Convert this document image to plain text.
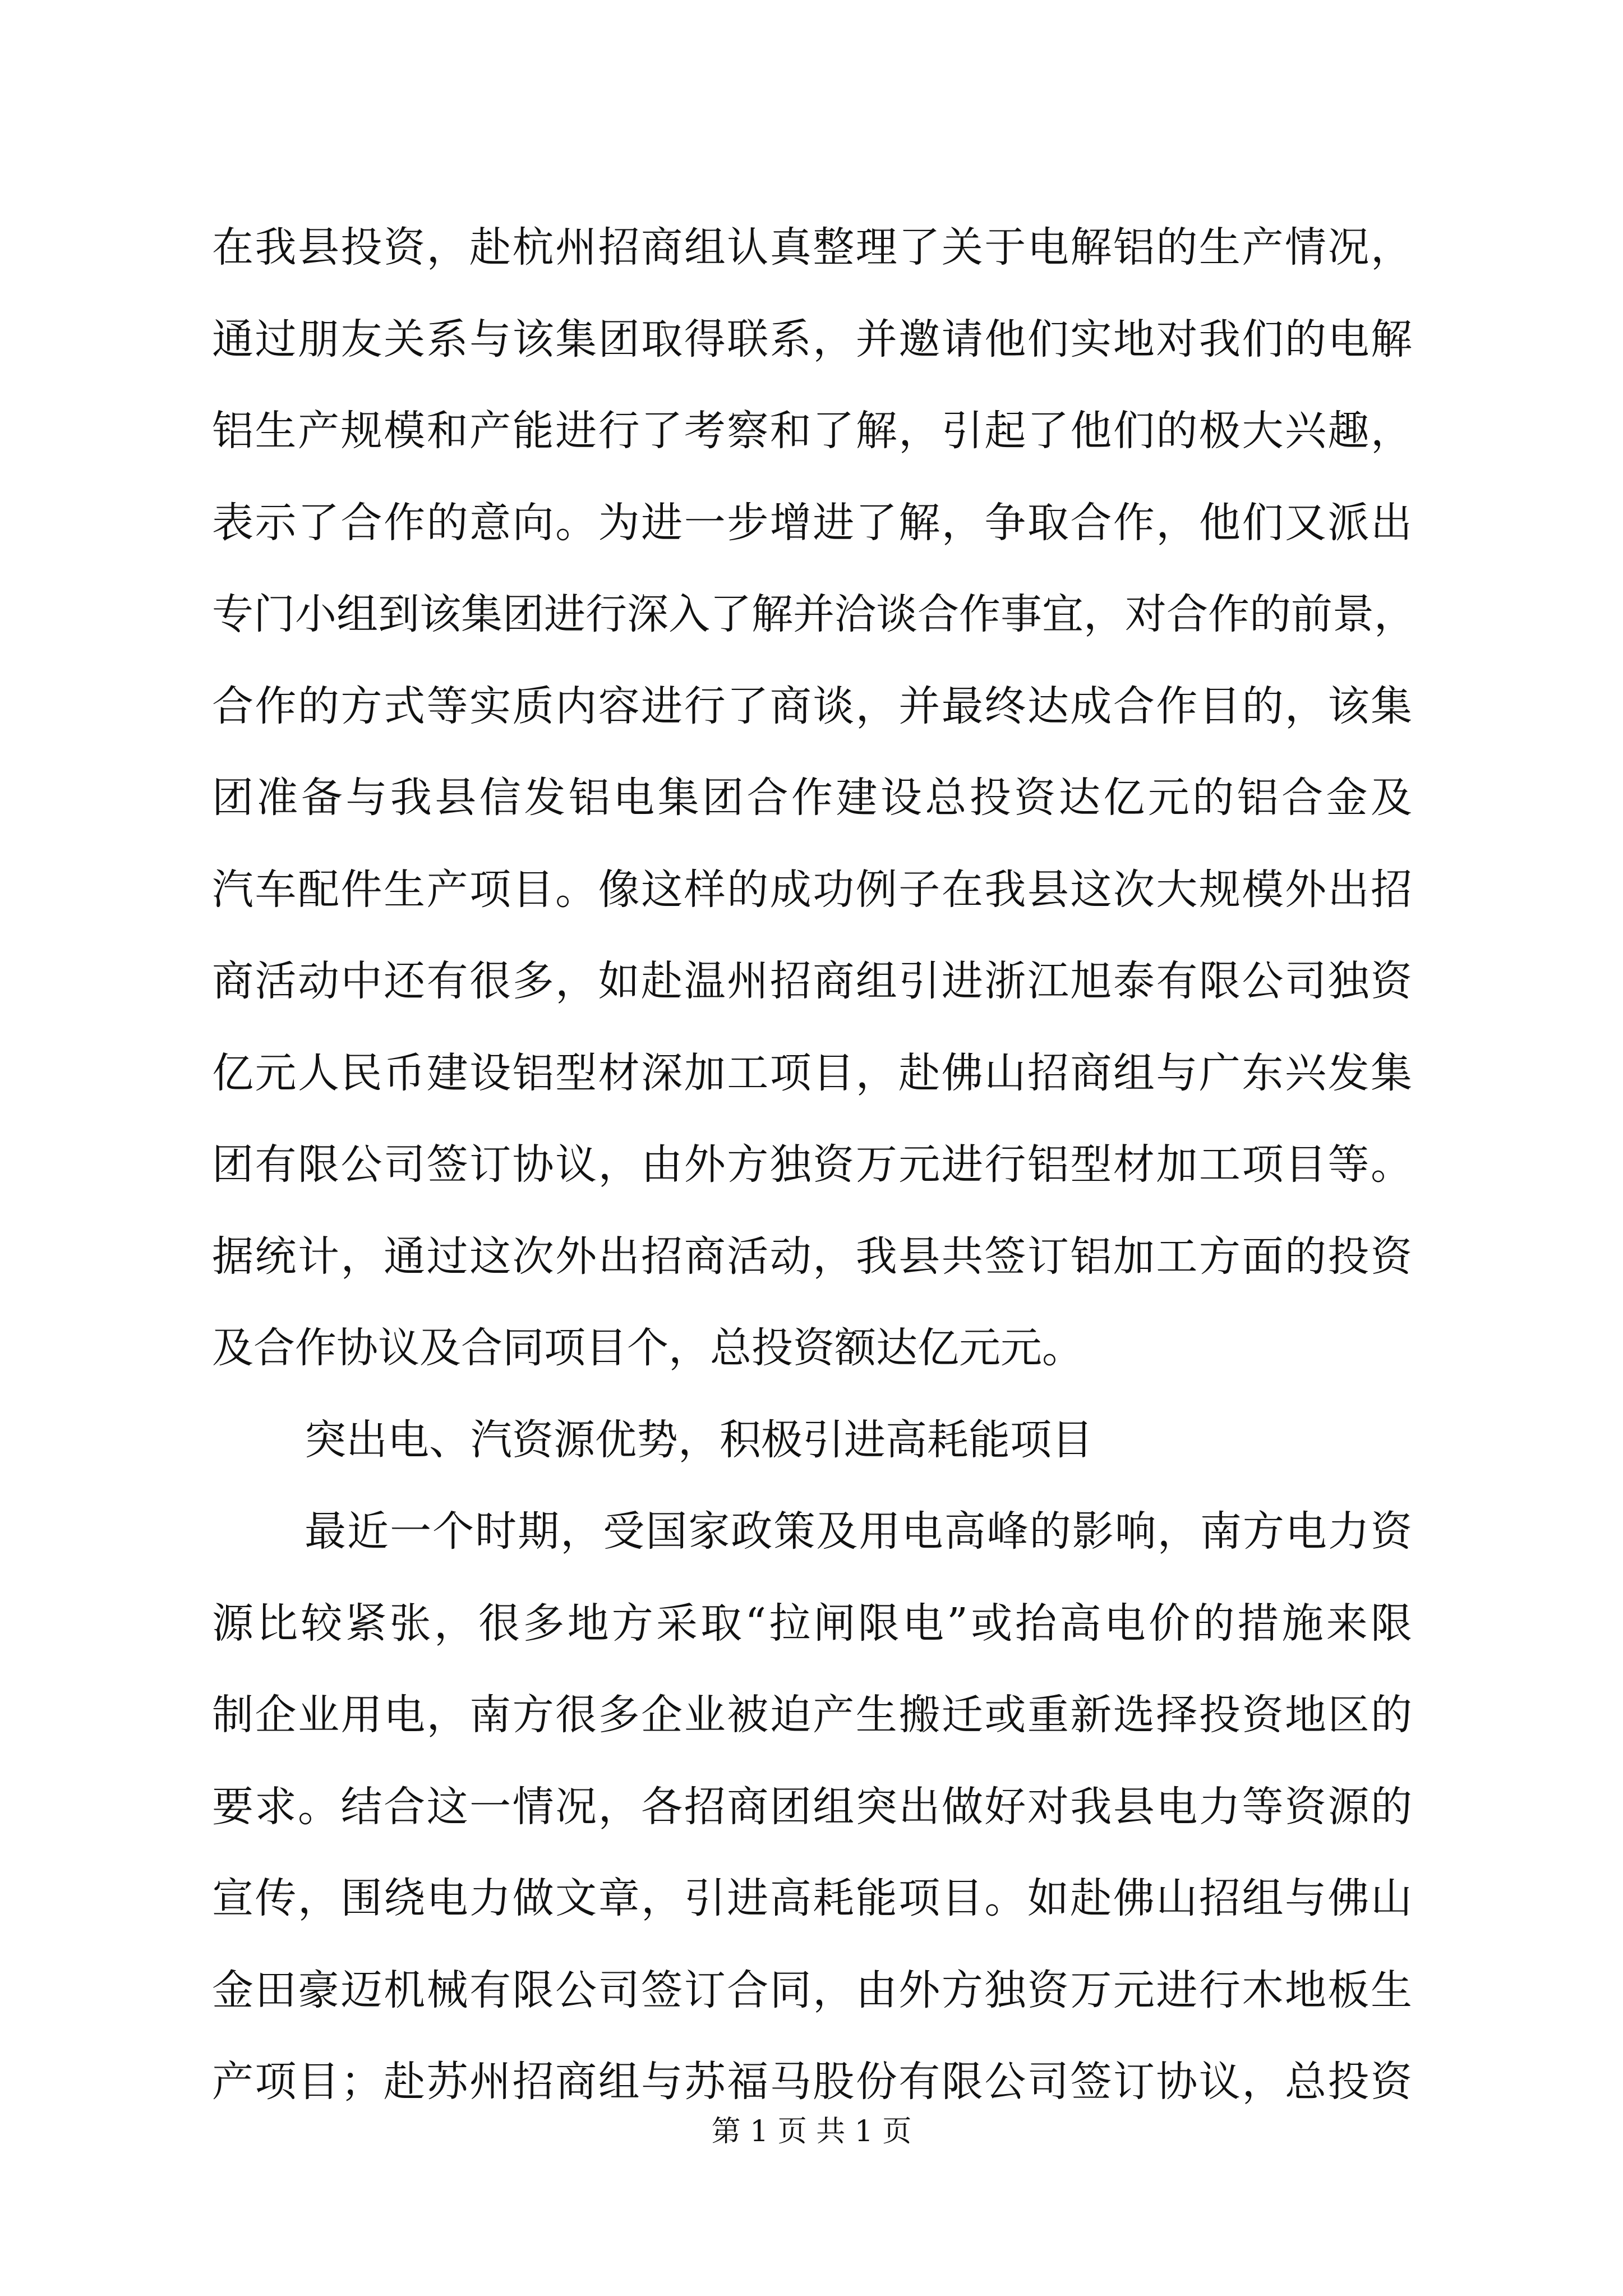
在我县投资，赴杭州招商组认真整理了关于电解铝的生产情况，
通过朋友关系与该集团取得联系，并邀请他们实地对我们的电解
铝生产规模和产能进行了考察和了解，引起了他们的极大兴趣，
表示了合作的意向。为进一步增进了解，争取合作，他们又派出
专门小组到该集团进行深入了解并洽谈合作事宜，对合作的前景，
合作的方式等实质内容进行了商谈，并最终达成合作目的，该集
团准备与我县信发铝电集团合作建设总投资达亿元的铝合金及
汽车配件生产项目。像这样的成功例子在我县这次大规模外出招
商活动中还有很多，如赴温州招商组引进浙江旭泰有限公司独资
亿元人民币建设铝型材深加工项目，赴佛山招商组与广东兴发集
团有限公司签订协议，由外方独资万元进行铝型材加工项目等。
据统计，通过这次外出招商活动，我县共签订铝加工方面的投资
及合作协议及合同项目个，总投资额达亿元元。
突出电、汽资源优势，积极引进高耗能项目
最近一个时期，受国家政策及用电高峰的影响，南方电力资
源比较紧张，很多地方采取“拉闸限电”或抬高电价的措施来限
制企业用电，南方很多企业被迫产生搬迁或重新选择投资地区的
要求。结合这一情况，各招商团组突出做好对我县电力等资源的
宣传，围绕电力做文章，引进高耗能项目。如赴佛山招组与佛山
金田豪迈机械有限公司签订合同，由外方独资万元进行木地板生
产项目；赴苏州招商组与苏福马股份有限公司签订协议，总投资
第 1 页 共 1 页
